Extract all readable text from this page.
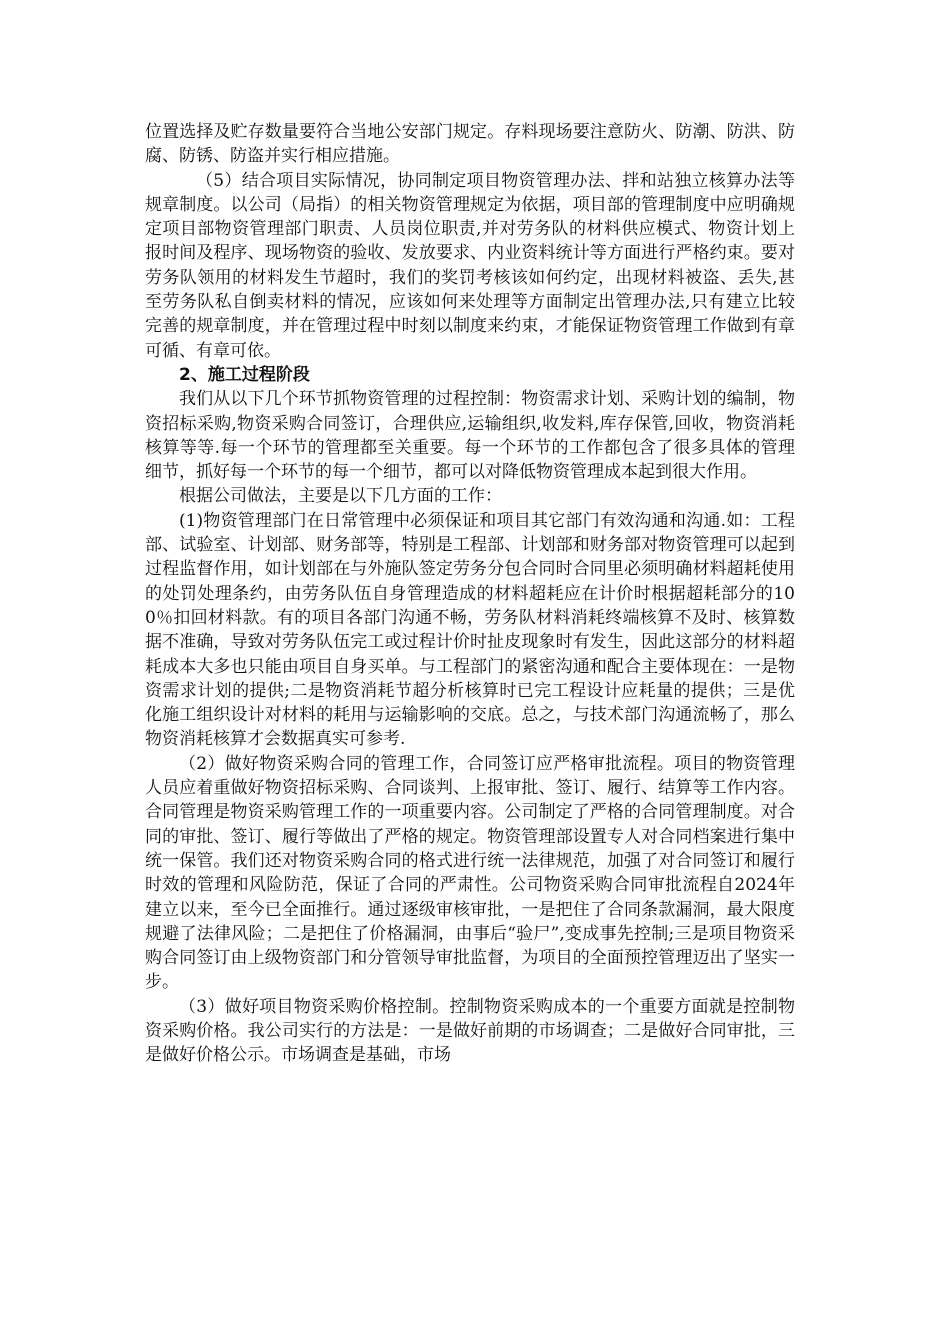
位置选择及贮存数量要符合当地公安部门规定。存料现场要注意防火、防潮、防洪、防腐、防锈、防盗并实行相应措施。

（5）结合项目实际情况，协同制定项目物资管理办法、拌和站独立核算办法等规章制度。以公司（局指）的相关物资管理规定为依据，项目部的管理制度中应明确规定项目部物资管理部门职责、人员岗位职责,并对劳务队的材料供应模式、物资计划上报时间及程序、现场物资的验收、发放要求、内业资料统计等方面进行严格约束。要对劳务队领用的材料发生节超时，我们的奖罚考核该如何约定，出现材料被盗、丢失,甚至劳务队私自倒卖材料的情况，应该如何来处理等方面制定出管理办法,只有建立比较完善的规章制度，并在管理过程中时刻以制度来约束，才能保证物资管理工作做到有章可循、有章可依。

2、施工过程阶段

我们从以下几个环节抓物资管理的过程控制：物资需求计划、采购计划的编制，物资招标采购,物资采购合同签订，合理供应,运输组织,收发料,库存保管,回收，物资消耗核算等等.每一个环节的管理都至关重要。每一个环节的工作都包含了很多具体的管理细节，抓好每一个环节的每一个细节，都可以对降低物资管理成本起到很大作用。

根据公司做法，主要是以下几方面的工作：

(1)物资管理部门在日常管理中必须保证和项目其它部门有效沟通和沟通.如：工程部、试验室、计划部、财务部等，特别是工程部、计划部和财务部对物资管理可以起到过程监督作用，如计划部在与外施队签定劳务分包合同时合同里必须明确材料超耗使用的处罚处理条约，由劳务队伍自身管理造成的材料超耗应在计价时根据超耗部分的100％扣回材料款。有的项目各部门沟通不畅，劳务队材料消耗终端核算不及时、核算数据不准确，导致对劳务队伍完工或过程计价时扯皮现象时有发生，因此这部分的材料超耗成本大多也只能由项目自身买单。与工程部门的紧密沟通和配合主要体现在：一是物资需求计划的提供;二是物资消耗节超分析核算时已完工程设计应耗量的提供；三是优化施工组织设计对材料的耗用与运输影响的交底。总之，与技术部门沟通流畅了，那么物资消耗核算才会数据真实可参考.

（2）做好物资采购合同的管理工作，合同签订应严格审批流程。项目的物资管理人员应着重做好物资招标采购、合同谈判、上报审批、签订、履行、结算等工作内容。合同管理是物资采购管理工作的一项重要内容。公司制定了严格的合同管理制度。对合同的审批、签订、履行等做出了严格的规定。物资管理部设置专人对合同档案进行集中统一保管。我们还对物资采购合同的格式进行统一法律规范，加强了对合同签订和履行时效的管理和风险防范，保证了合同的严肃性。公司物资采购合同审批流程自2024年建立以来，至今已全面推行。通过逐级审核审批，一是把住了合同条款漏洞，最大限度规避了法律风险；二是把住了价格漏洞，由事后“验尸”,变成事先控制;三是项目物资采购合同签订由上级物资部门和分管领导审批监督，为项目的全面预控管理迈出了坚实一步。

（3）做好项目物资采购价格控制。控制物资采购成本的一个重要方面就是控制物资采购价格。我公司实行的方法是：一是做好前期的市场调查；二是做好合同审批，三是做好价格公示。市场调查是基础，市场
